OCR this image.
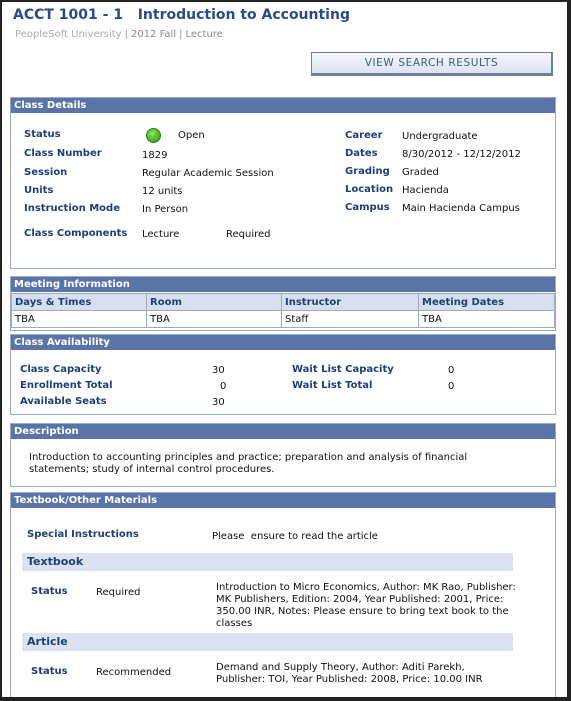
ACCT 1001 - 1   Introduction to Accounting
PeopleSoft University | 2012 Fall | Lecture
VIEW SEARCH RESULTS
Class Details
Status	Open
Class Number	1829
Session	Regular Academic Session
Units	12 units
Instruction Mode In Person
Class Components Lecture	Required
Career Undergraduate
Dates 8/30/2012 - 12/12/2012
Grading Graded
Location Hacienda
Campus Main Hacienda Campus
Meeting Information
Days & Times	Room	Instructor	Meeting Dates
TBA	TBA	Staff	TBA
Class Availability
Class Capacity	30
Enrollment Total	0
Available Seats	30
Wait List Capacity	0
Wait List Total	0
Description
Introduction to accounting principles and practice; preparation and analysis of financial statements; study of internal control procedures.
Textbook/Other Materials
Special Instructions	Please  ensure to read the article
Textbook
Status	Required	Introduction to Micro Economics, Author: MK Rao, Publisher: MK Publishers, Edition: 2004, Year Published: 2001, Price: 350.00 INR, Notes: Please ensure to bring text book to the classes
Article
Status	Recommended	Demand and Supply Theory, Author: Aditi Parekh, Publisher: TOI, Year Published: 2008, Price: 10.00 INR
